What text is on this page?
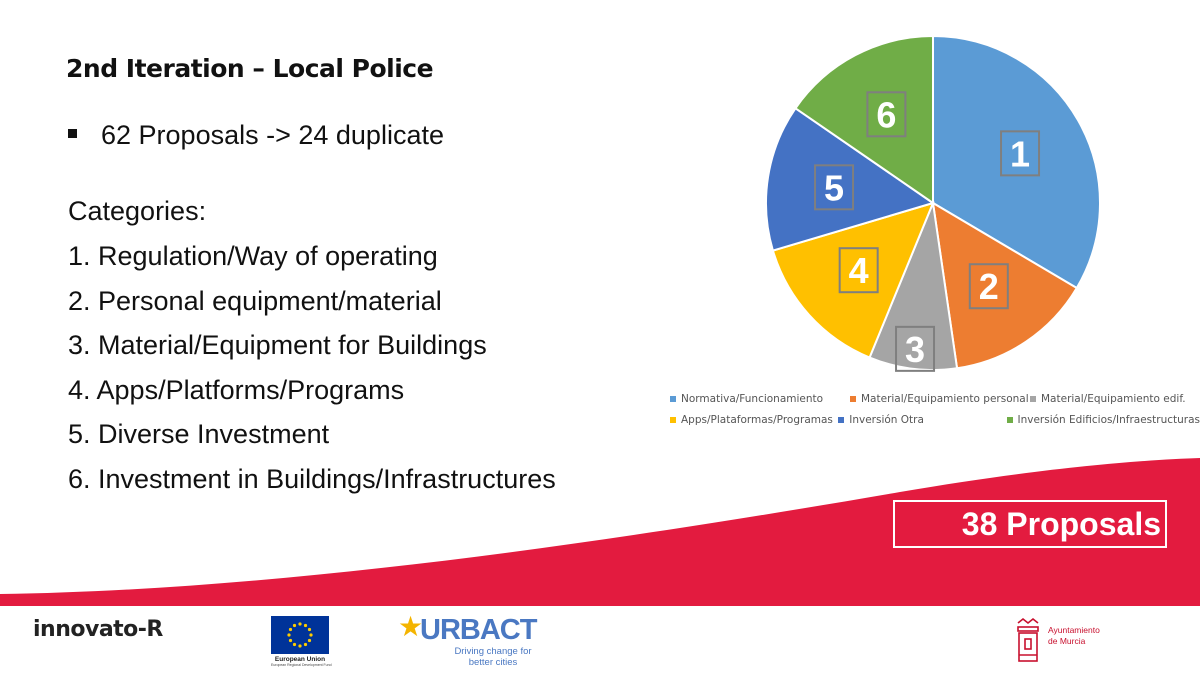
2nd Iteration – Local Police
62 Proposals -> 24 duplicate
Categories:
1. Regulation/Way of operating
2. Personal equipment/material
3. Material/Equipment for Buildings
4. Apps/Platforms/Programs
5. Diverse Investment
6. Investment in Buildings/Infrastructures
1
2
3
4
5
6
Normativa/Funcionamiento	Material/Equipamiento personal Material/Equipamiento edif.
Apps/Plataformas/Programas Inversión Otra	Inversión Edificios/Infraestructuras
38 Proposals
innovato-R
European Union
European Regional Development Fund
★
URBACT
Driving change for
better cities
Ayuntamiento
de Murcia
